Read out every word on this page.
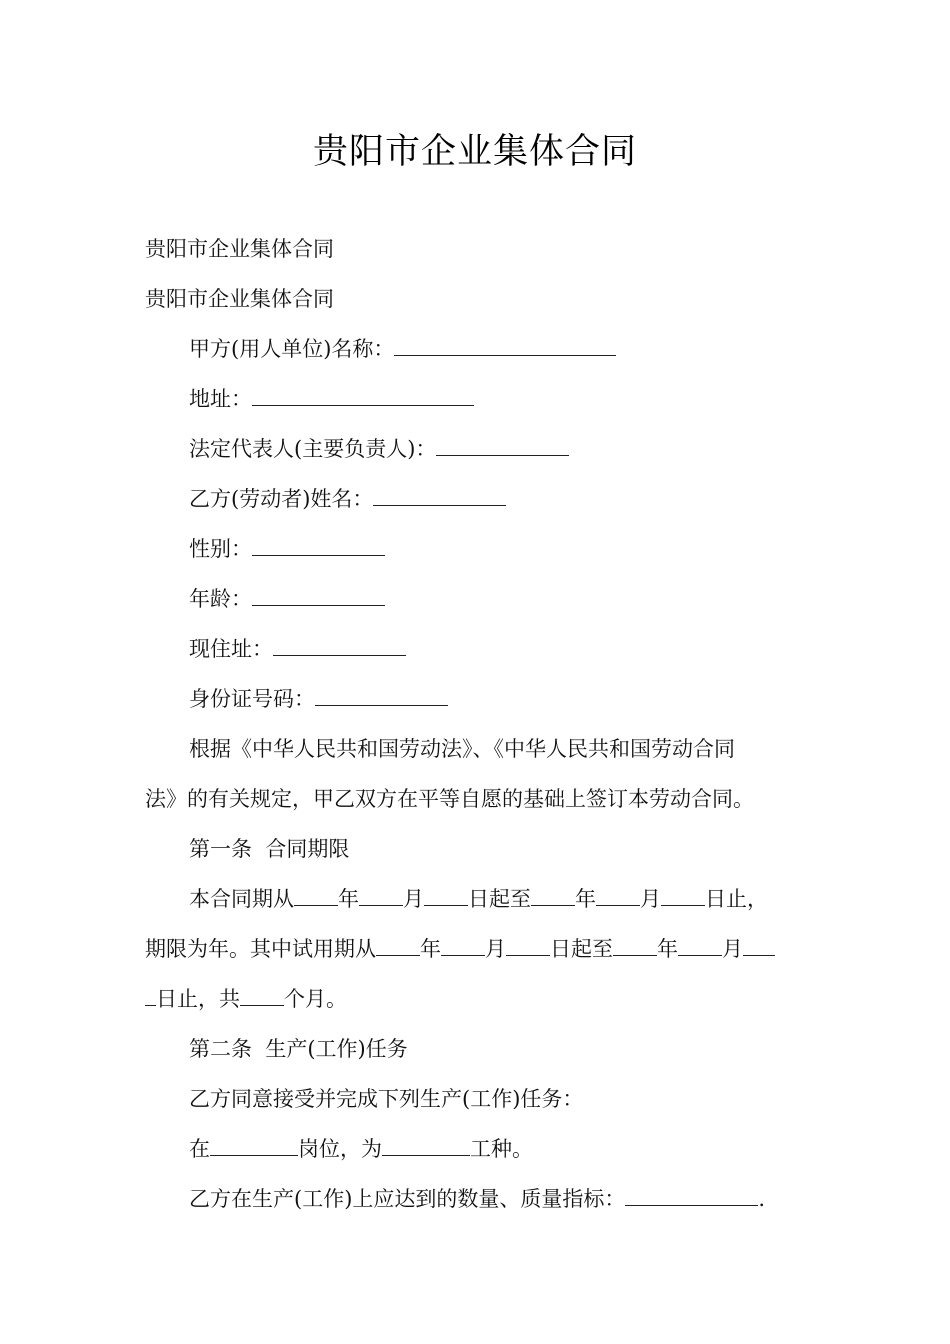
贵阳市企业集体合同
贵阳市企业集体合同
贵阳市企业集体合同
甲方(用人单位)名称：
地址：
法定代表人(主要负责人)：
乙方(劳动者)姓名：
性别：
年龄：
现住址：
身份证号码：
根据《中华人民共和国劳动法》、《中华人民共和国劳动合同
法》的有关规定，甲乙双方在平等自愿的基础上签订本劳动合同。
第一条  合同期限
本合同期从 年 月 日起至 年 月 日止，
期限为年。其中试用期从 年 月 日起至 年 月
日止，共 个月。
第二条  生产(工作)任务
乙方同意接受并完成下列生产(工作)任务：
在	岗位，为	工种。
乙方在生产(工作)上应达到的数量、质量指标：	.
